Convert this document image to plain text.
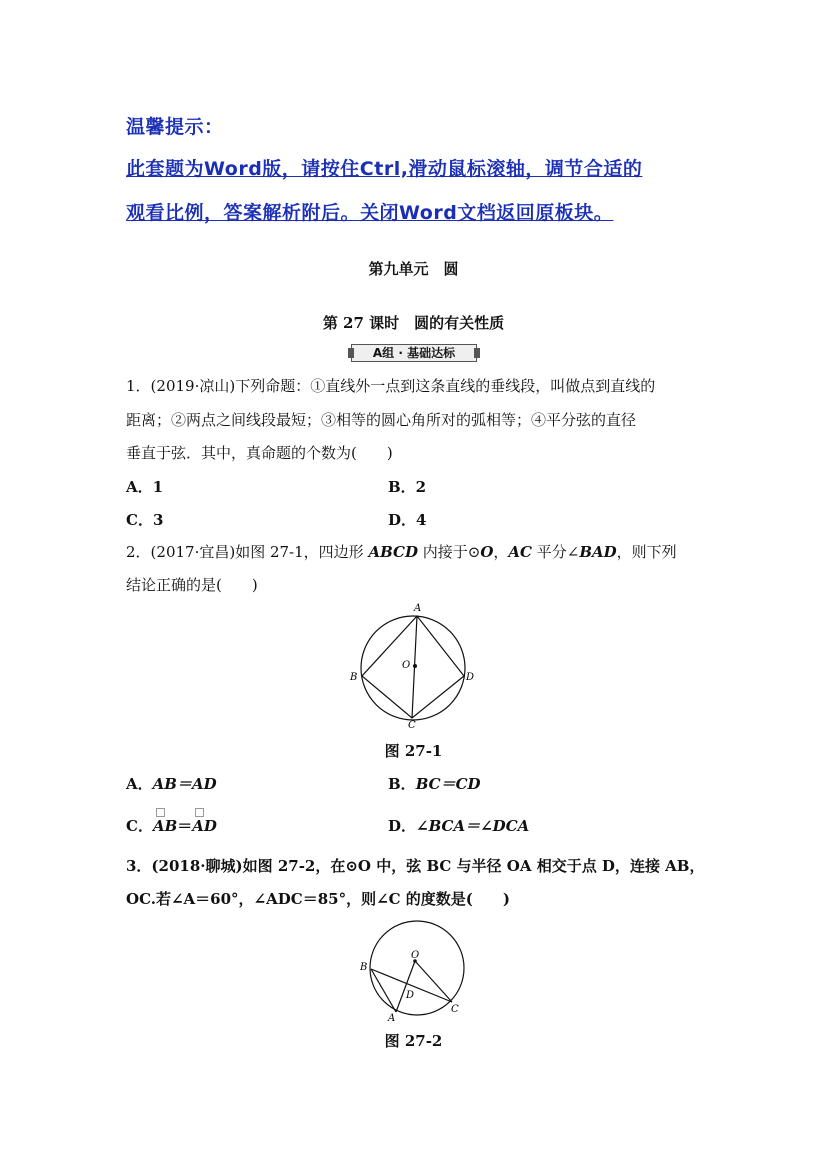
温馨提示：
此套题为Word版，请按住Ctrl,滑动鼠标滚轴，调节合适的
观看比例，答案解析附后。关闭Word文档返回原板块。
第九单元　圆
第 27 课时　圆的有关性质
A组 · 基础达标
1．(2019·凉山)下列命题：①直线外一点到这条直线的垂线段，叫做点到直线的
距离；②两点之间线段最短；③相等的圆心角所对的弧相等；④平分弦的直径
垂直于弦．其中，真命题的个数为(　　)
A．1	B．2
C．3	D．4
2．(2017·宜昌)如图 27-1，四边形 ABCD 内接于⊙O，AC 平分∠BAD，则下列
结论正确的是(　　)
A
B
C
D
O
图 27-1
A．AB＝AD	B．BC＝CD
C．AB＝AD	D．∠BCA＝∠DCA
3．(2018·聊城)如图 27-2，在⊙O 中，弦 BC 与半径 OA 相交于点 D，连接 AB，
OC.若∠A＝60°，∠ADC＝85°，则∠C 的度数是(　　)
O
B
D
A
C
图 27-2
